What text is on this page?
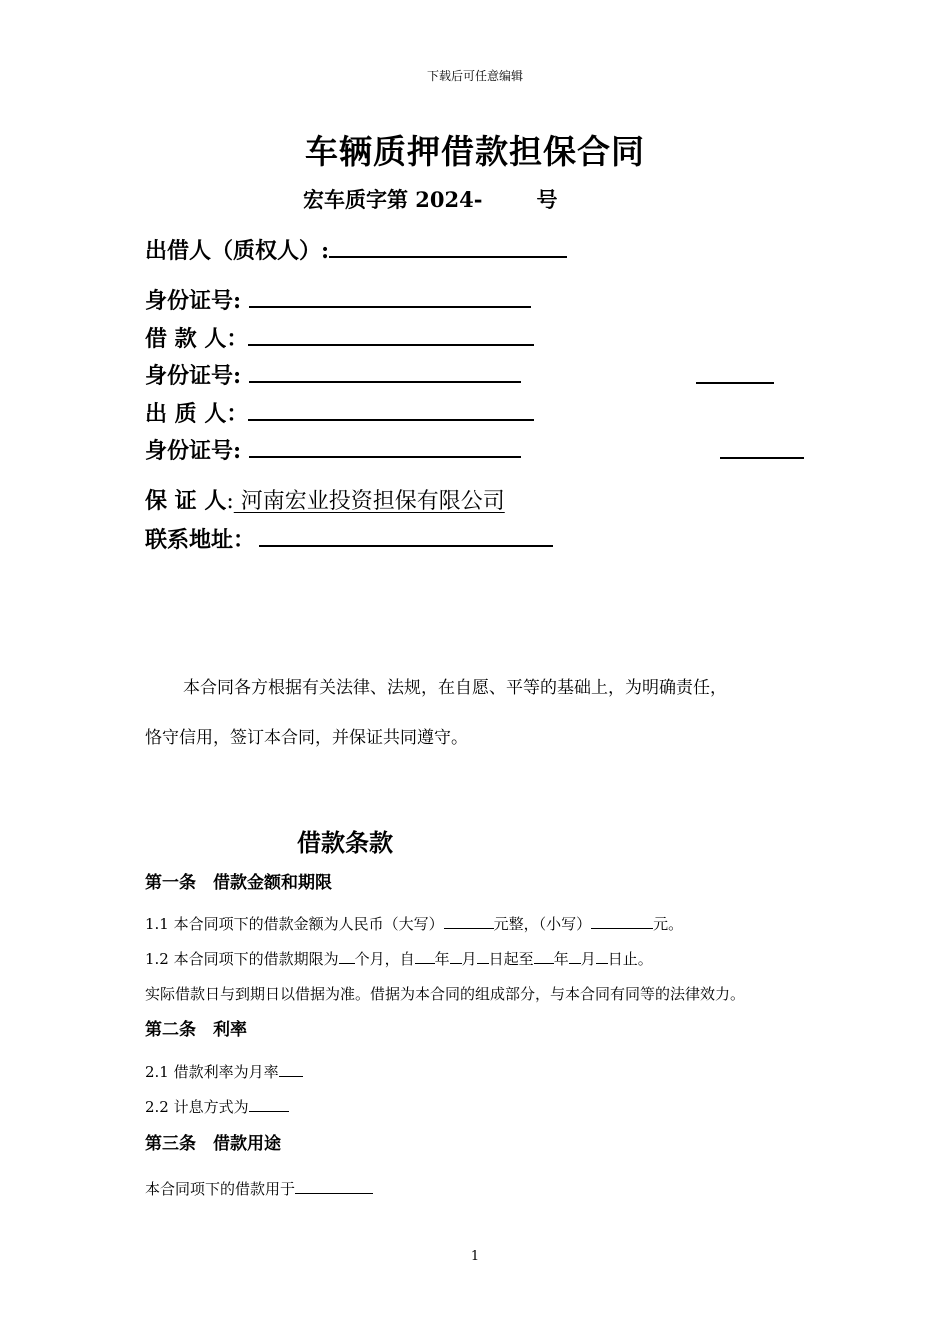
下载后可任意编辑
车辆质押借款担保合同
宏车质字第 2024-	号
出借人（质权人）:
身份证号:
借 款 人：
身份证号:
出 质 人：
身份证号:
保 证 人: 河南宏业投资担保有限公司
联系地址：
本合同各方根据有关法律、法规，在自愿、平等的基础上，为明确责任，
恪守信用，签订本合同，并保证共同遵守。
借款条款
第一条　借款金额和期限
1.1 本合同项下的借款金额为人民币（大写）	元整，（小写）	元。
1.2 本合同项下的借款期限为 个月，自 年 月 日起至 年 月 日止。
实际借款日与到期日以借据为准。借据为本合同的组成部分，与本合同有同等的法律效力。
第二条　利率
2.1 借款利率为月率
2.2 计息方式为
第三条　借款用途
本合同项下的借款用于
1
